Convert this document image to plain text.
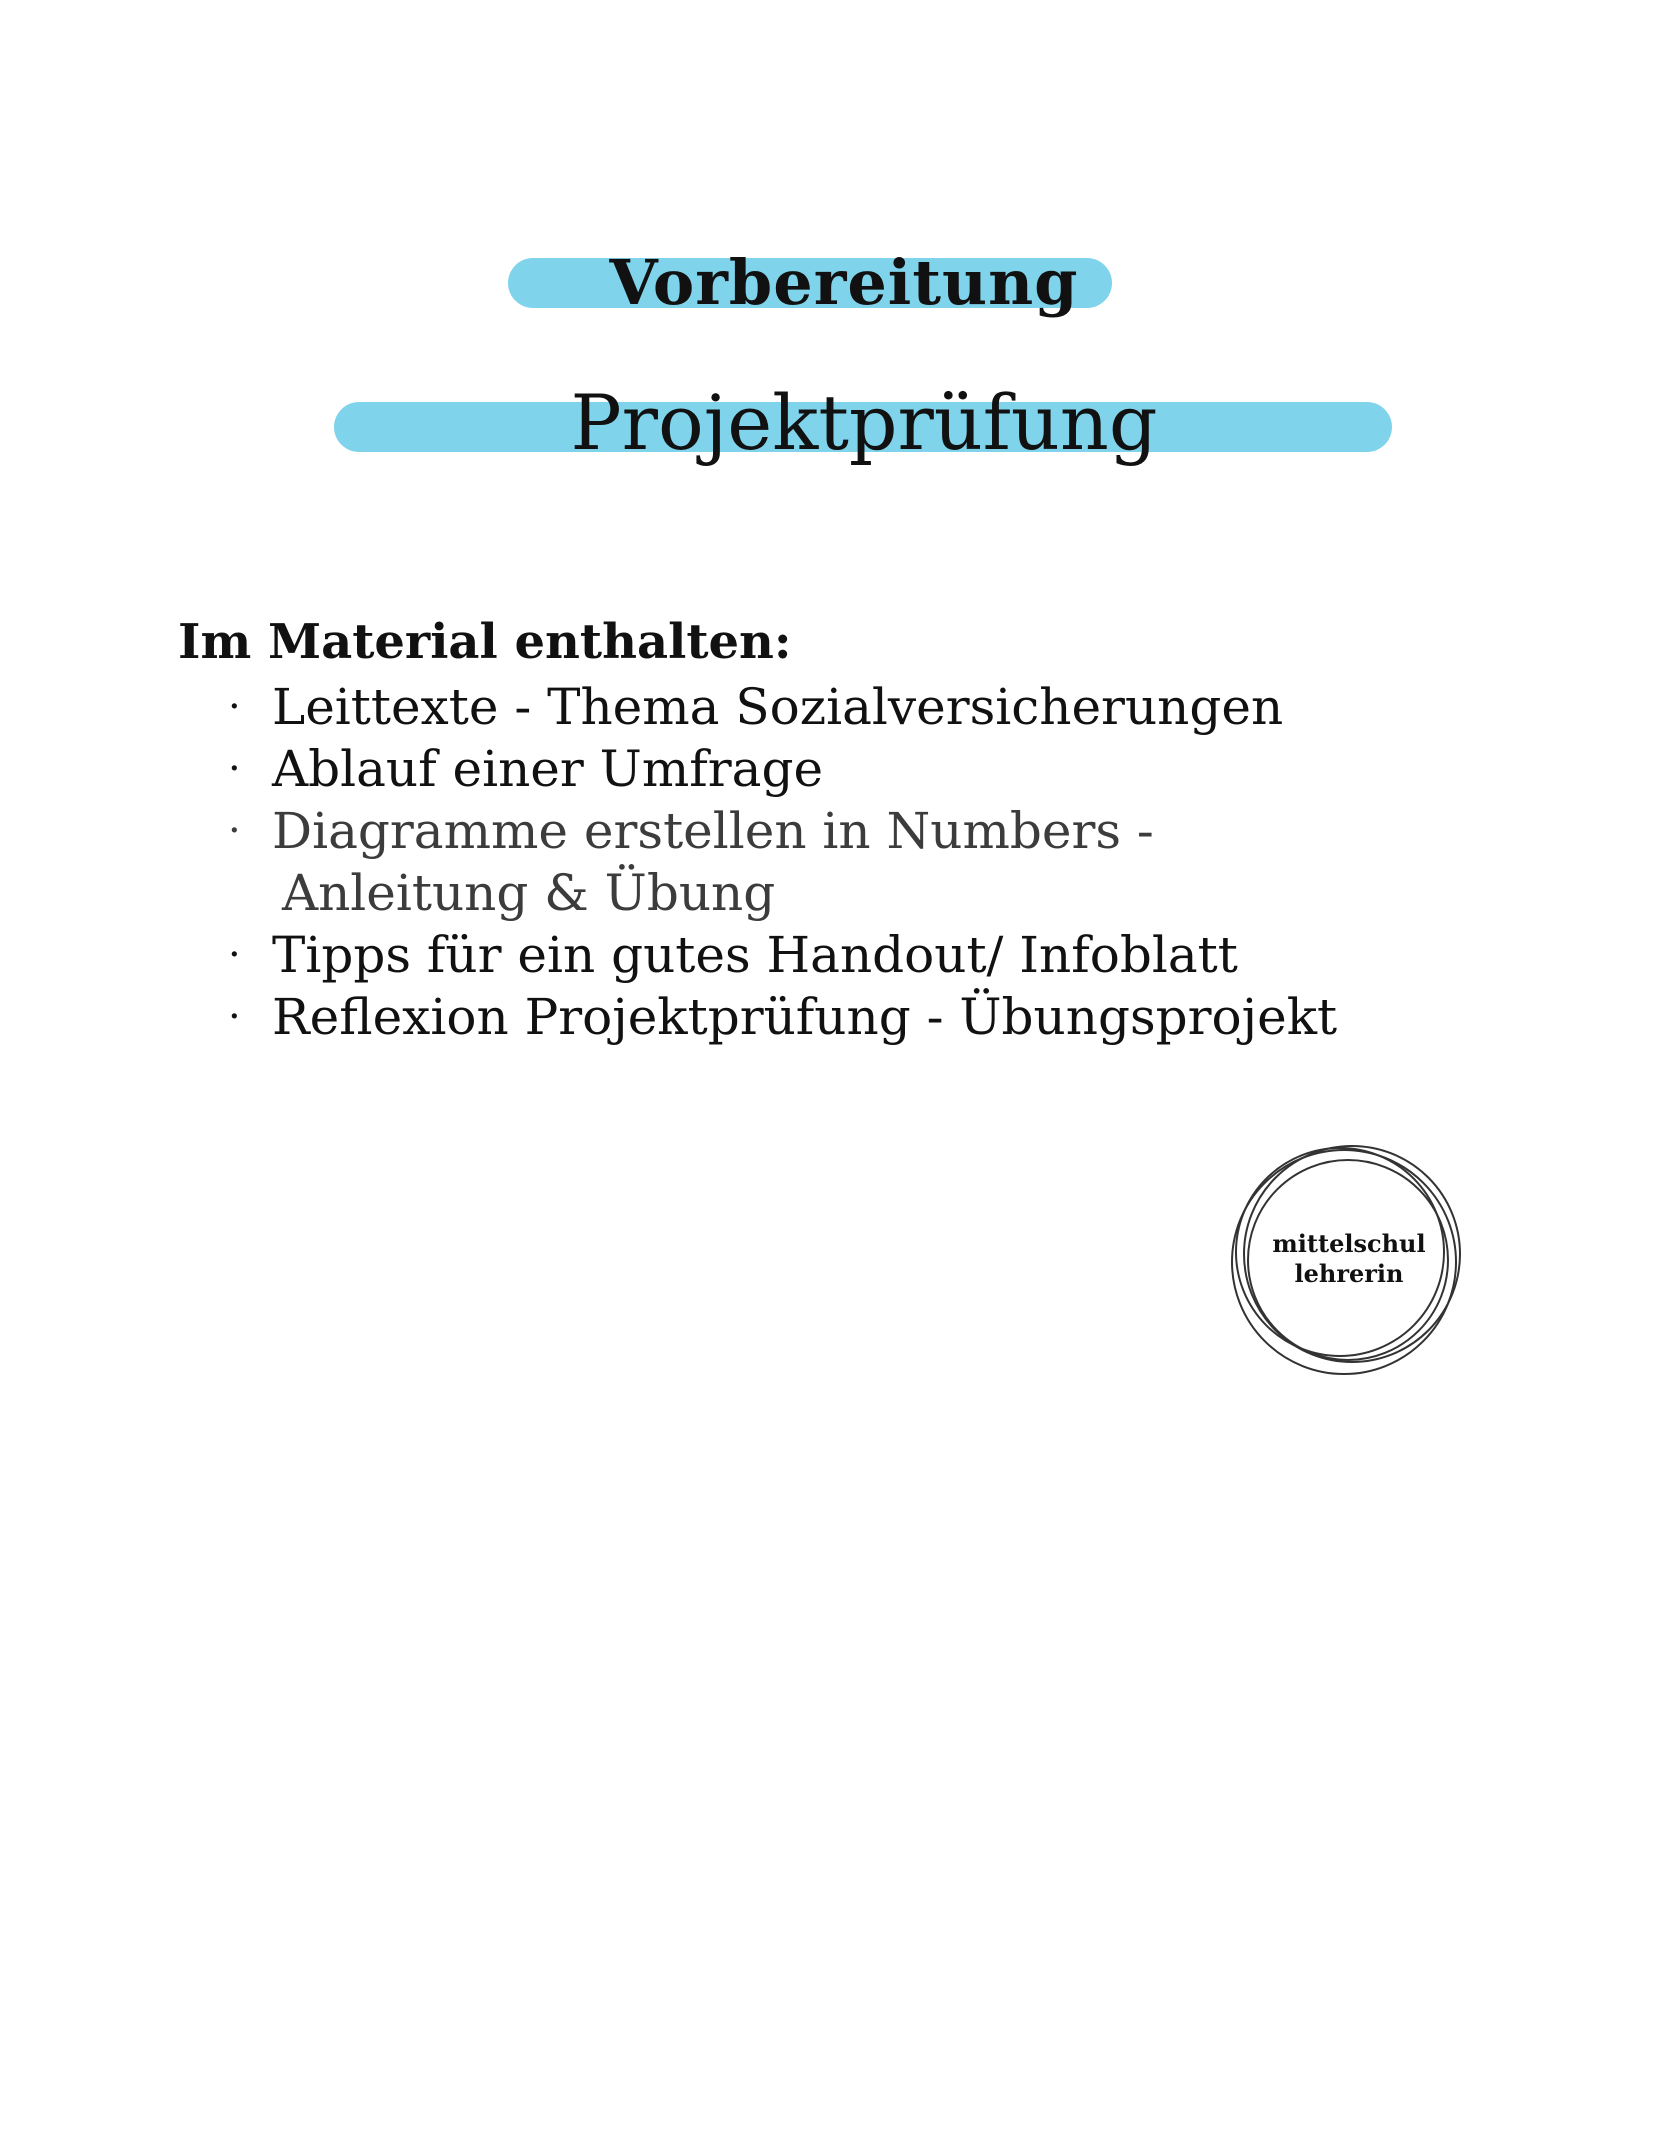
Vorbereitung
Projektprüfung
Im Material enthalten:
· Leittexte - Thema Sozialversicherungen
· Ablauf einer Umfrage
· Diagramme erstellen in Numbers -
Anleitung & Übung
· Tipps für ein gutes Handout/ Infoblatt
· Reflexion Projektprüfung - Übungsprojekt
mittelschul
lehrerin
